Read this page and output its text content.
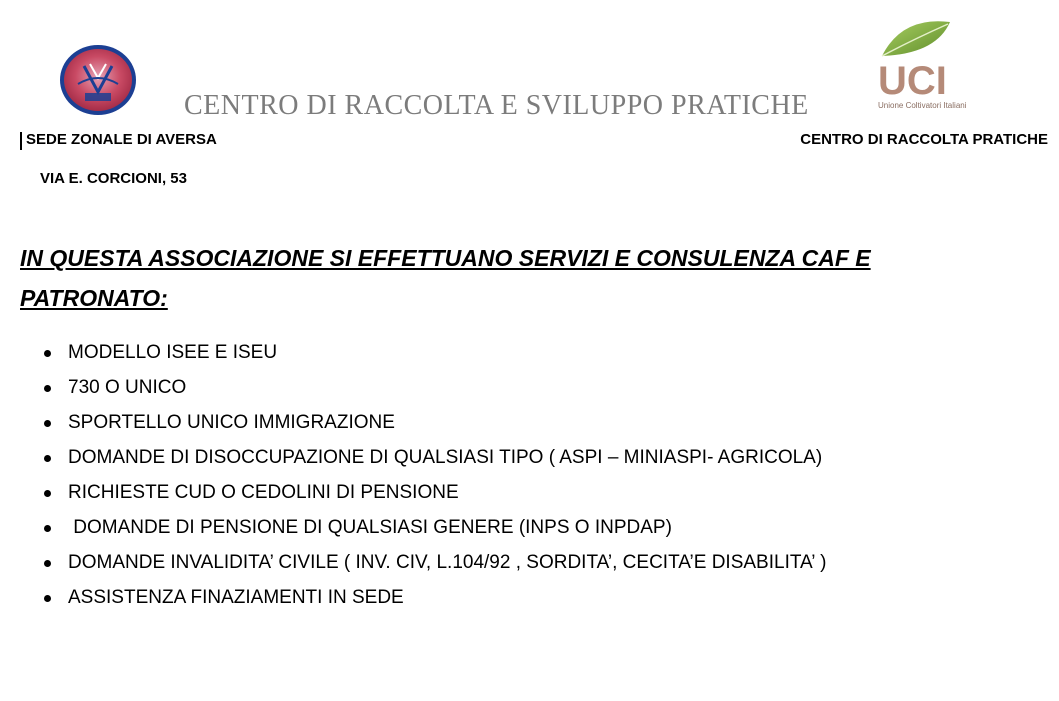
UCI
Unione Coltivatori Italiani
CENTRO DI RACCOLTA E SVILUPPO PRATICHE
SEDE ZONALE DI AVERSA	CENTRO DI RACCOLTA PRATICHE
VIA E. CORCIONI, 53
IN QUESTA ASSOCIAZIONE SI EFFETTUANO SERVIZI E CONSULENZA CAF E PATRONATO:
MODELLO ISEE E ISEU
730 O UNICO
SPORTELLO UNICO IMMIGRAZIONE
DOMANDE DI DISOCCUPAZIONE DI QUALSIASI TIPO ( ASPI – MINIASPI- AGRICOLA)
RICHIESTE CUD O CEDOLINI DI PENSIONE
DOMANDE DI PENSIONE DI QUALSIASI GENERE (INPS O INPDAP)
DOMANDE INVALIDITA’ CIVILE ( INV. CIV, L.104/92 , SORDITA’, CECITA’E DISABILITA’ )
ASSISTENZA FINAZIAMENTI IN SEDE
